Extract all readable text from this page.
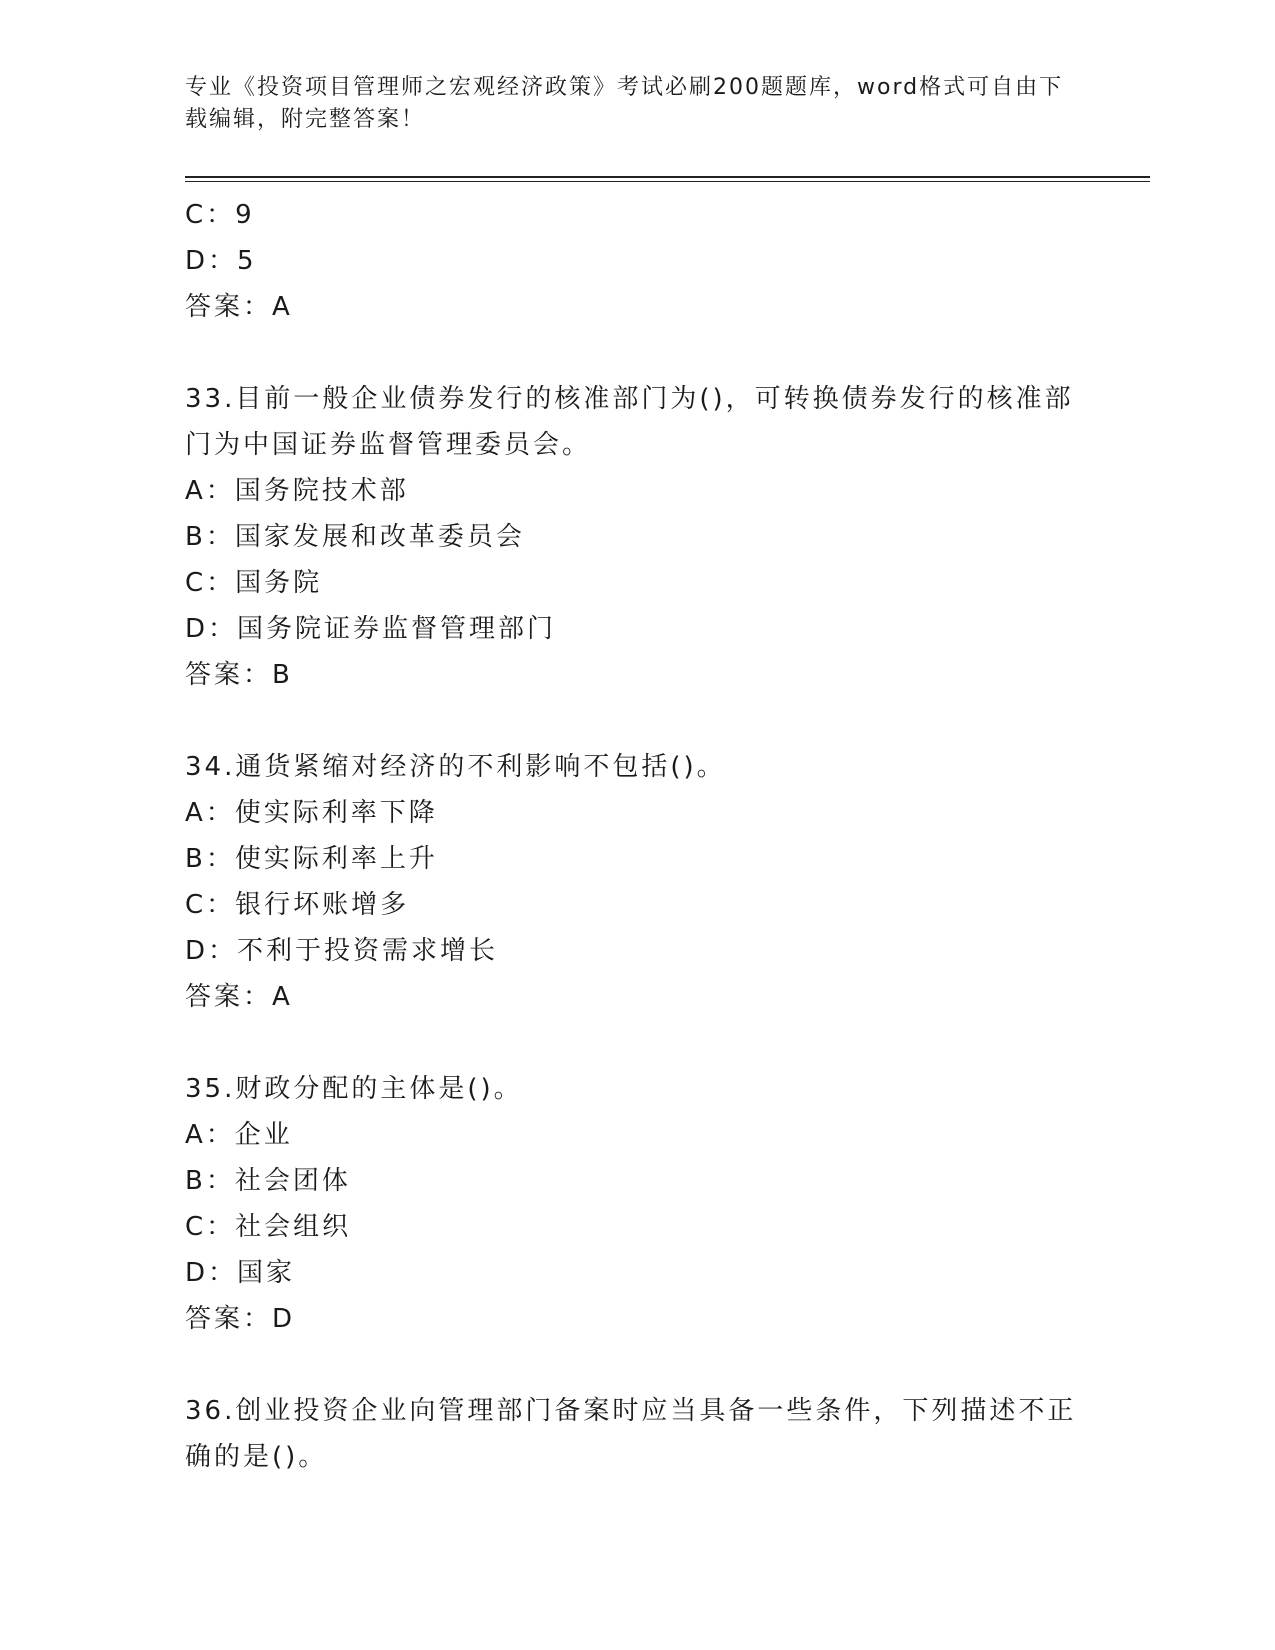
专业《投资项目管理师之宏观经济政策》考试必刷200题题库，word格式可自由下载编辑，附完整答案！
C：9
D：5
答案：A
33.目前一般企业债券发行的核准部门为()，可转换债券发行的核准部门为中国证券监督管理委员会。
A：国务院技术部
B：国家发展和改革委员会
C：国务院
D：国务院证券监督管理部门
答案：B
34.通货紧缩对经济的不利影响不包括()。
A：使实际利率下降
B：使实际利率上升
C：银行坏账增多
D：不利于投资需求增长
答案：A
35.财政分配的主体是()。
A：企业
B：社会团体
C：社会组织
D：国家
答案：D
36.创业投资企业向管理部门备案时应当具备一些条件，下列描述不正确的是()。
